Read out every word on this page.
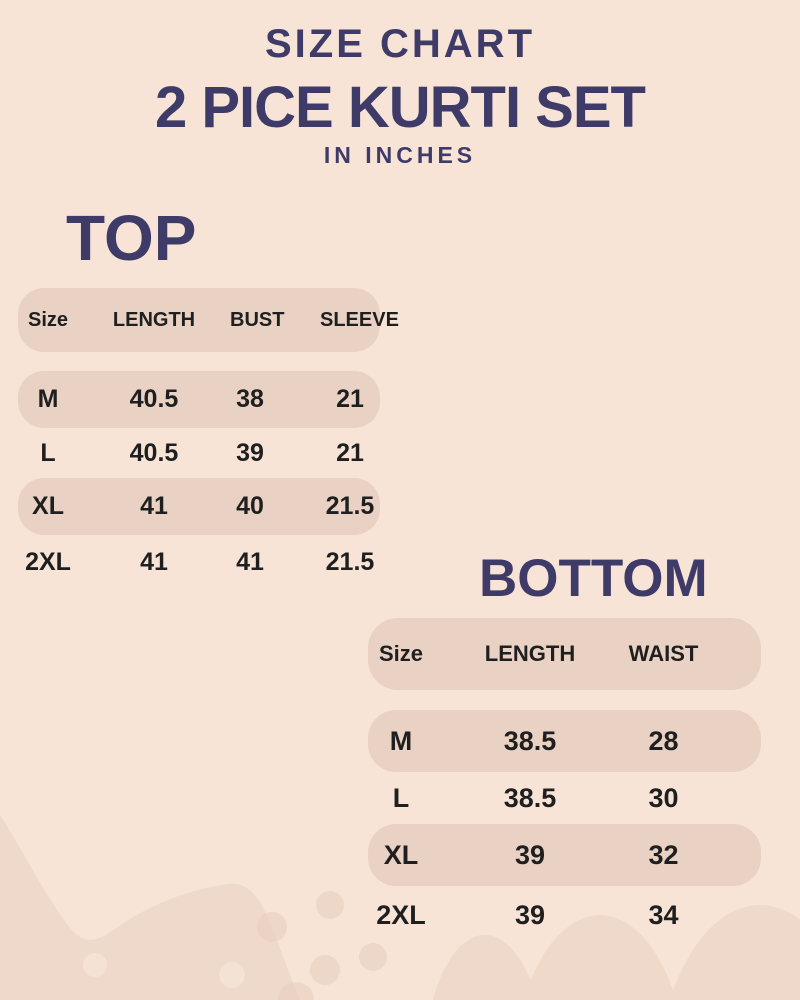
SIZE CHART
2 PICE KURTI SET
IN INCHES
TOP
Size	LENGTH	BUST	SLEEVE
M	40.5	38	21
L	40.5	39	21
XL	41	40	21.5
2XL	41	41	21.5 BOTTOM
Size	LENGTH	WAIST
M	38.5	28
L	38.5	30
XL	39	32
2XL	39	34
